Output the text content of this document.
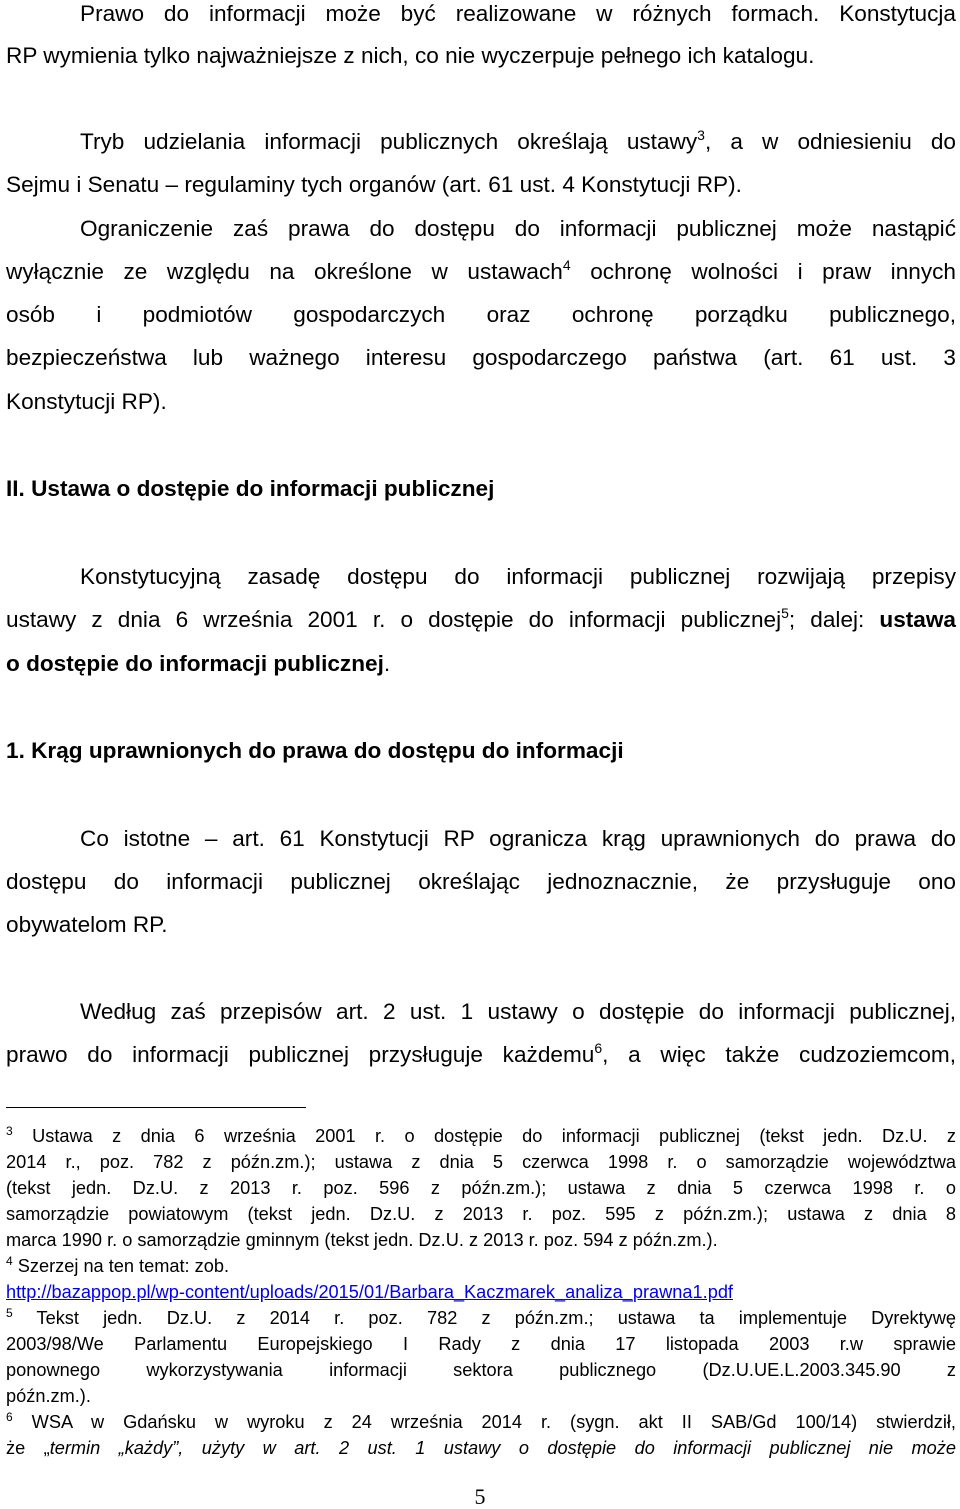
Prawo do informacji może być realizowane w różnych formach. Konstytucja
RP wymienia tylko najważniejsze z nich, co nie wyczerpuje pełnego ich katalogu.
Tryb udzielania informacji publicznych określają ustawy$^3$, a w odniesieniu do
Sejmu i Senatu – regulaminy tych organów (art. 61 ust. 4 Konstytucji RP).
Ograniczenie zaś prawa do dostępu do informacji publicznej może nastąpić
wyłącznie ze względu na określone w ustawach$^4$ ochronę wolności i praw innych
osób i podmiotów gospodarczych oraz ochronę porządku publicznego,
bezpieczeństwa lub ważnego interesu gospodarczego państwa (art. 61 ust. 3
Konstytucji RP).
II. Ustawa o dostępie do informacji publicznej
Konstytucyjną zasadę dostępu do informacji publicznej rozwijają przepisy
ustawy z dnia 6 września 2001 r. o dostępie do informacji publicznej$^5$; dalej: ustawa
o dostępie do informacji publicznej.
1. Krąg uprawnionych do prawa do dostępu do informacji
Co istotne – art. 61 Konstytucji RP ogranicza krąg uprawnionych do prawa do
dostępu do informacji publicznej określając jednoznacznie, że przysługuje ono
obywatelom RP.
Według zaś przepisów art. 2 ust. 1 ustawy o dostępie do informacji publicznej,
prawo do informacji publicznej przysługuje każdemu$^6$, a więc także cudzoziemcom,
$^3$ Ustawa z dnia 6 września 2001 r. o dostępie do informacji publicznej (tekst jedn. Dz.U. z
2014 r., poz. 782 z późn.zm.); ustawa z dnia 5 czerwca 1998 r. o samorządzie województwa
(tekst jedn. Dz.U. z 2013 r. poz. 596 z późn.zm.); ustawa z dnia 5 czerwca 1998 r. o
samorządzie powiatowym (tekst jedn. Dz.U. z 2013 r. poz. 595 z późn.zm.); ustawa z dnia 8
marca 1990 r. o samorządzie gminnym (tekst jedn. Dz.U. z 2013 r. poz. 594 z późn.zm.).
$^4$ Szerzej na ten temat: zob.
http://bazappop.pl/wp-content/uploads/2015/01/Barbara_Kaczmarek_analiza_prawna1.pdf
$^5$ Tekst jedn. Dz.U. z 2014 r. poz. 782 z późn.zm.; ustawa ta implementuje Dyrektywę
2003/98/We Parlamentu Europejskiego I Rady z dnia 17 listopada 2003 r.w sprawie
ponownego wykorzystywania informacji sektora publicznego (Dz.U.UE.L.2003.345.90 z
późn.zm.).
$^6$ WSA w Gdańsku w wyroku z 24 września 2014 r. (sygn. akt II SAB/Gd 100/14) stwierdził,
że „termin „każdy”, użyty w art. 2 ust. 1 ustawy o dostępie do informacji publicznej nie może
5
